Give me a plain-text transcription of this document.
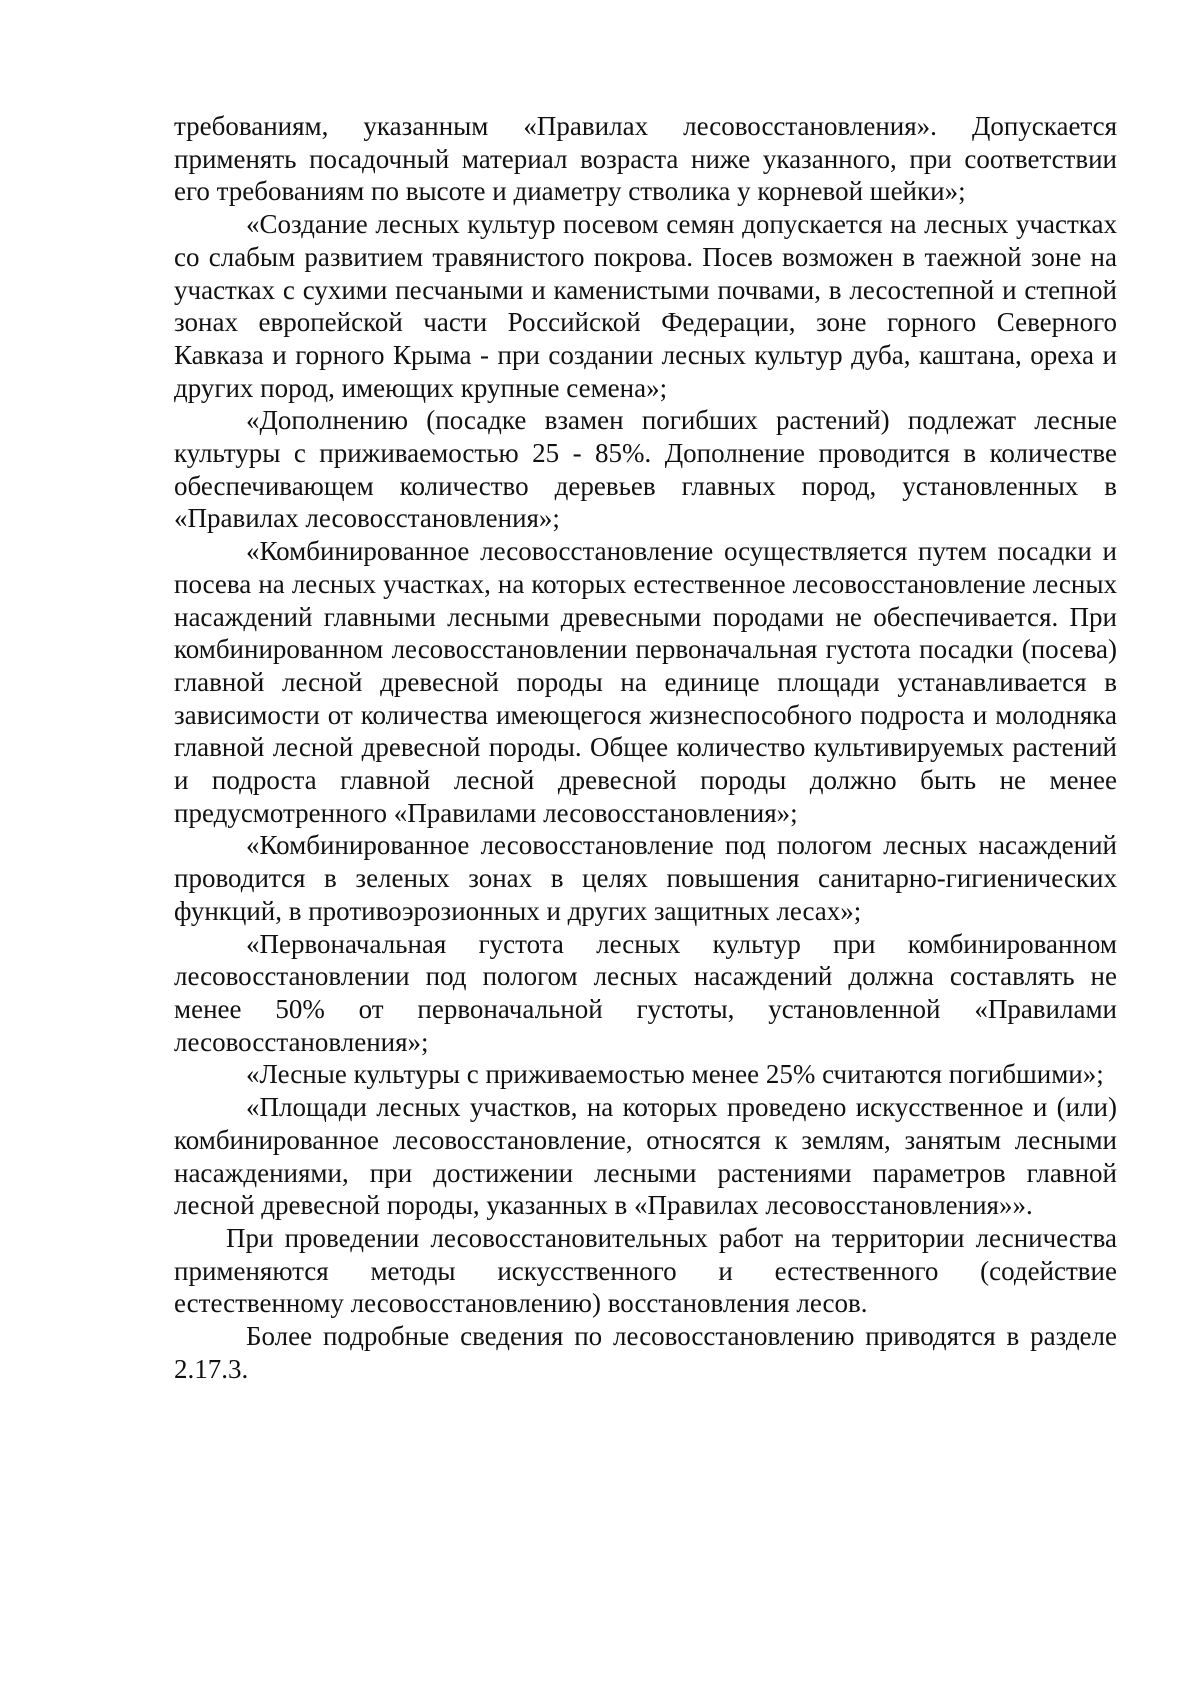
требованиям, указанным «Правилах лесовосстановления». Допускается применять посадочный материал возраста ниже указанного, при соответствии его требованиям по высоте и диаметру стволика у корневой шейки»;

«Создание лесных культур посевом семян допускается на лесных участках со слабым развитием травянистого покрова. Посев возможен в таежной зоне на участках с сухими песчаными и каменистыми почвами, в лесостепной и степной зонах европейской части Российской Федерации, зоне горного Северного Кавказа и горного Крыма - при создании лесных культур дуба, каштана, ореха и других пород, имеющих крупные семена»;

«Дополнению (посадке взамен погибших растений) подлежат лесные культуры с приживаемостью 25 - 85%. Дополнение проводится в количестве обеспечивающем количество деревьев главных пород, установленных в «Правилах лесовосстановления»;

«Комбинированное лесовосстановление осуществляется путем посадки и посева на лесных участках, на которых естественное лесовосстановление лесных насаждений главными лесными древесными породами не обеспечивается. При комбинированном лесовосстановлении первоначальная густота посадки (посева) главной лесной древесной породы на единице площади устанавливается в зависимости от количества имеющегося жизнеспособного подроста и молодняка главной лесной древесной породы. Общее количество культивируемых растений и подроста главной лесной древесной породы должно быть не менее предусмотренного «Правилами лесовосстановления»;

«Комбинированное лесовосстановление под пологом лесных насаждений проводится в зеленых зонах в целях повышения санитарно-гигиенических функций, в противоэрозионных и других защитных лесах»;

«Первоначальная густота лесных культур при комбинированном лесовосстановлении под пологом лесных насаждений должна составлять не менее 50% от первоначальной густоты, установленной «Правилами лесовосстановления»;

«Лесные культуры с приживаемостью менее 25% считаются погибшими»;

«Площади лесных участков, на которых проведено искусственное и (или) комбинированное лесовосстановление, относятся к землям, занятым лесными насаждениями, при достижении лесными растениями параметров главной лесной древесной породы, указанных в «Правилах лесовосстановления»».

При проведении лесовосстановительных работ на территории лесничества применяются методы искусственного и естественного (содействие естественному лесовосстановлению) восстановления лесов.

Более подробные сведения по лесовосстановлению приводятся в разделе 2.17.3.
